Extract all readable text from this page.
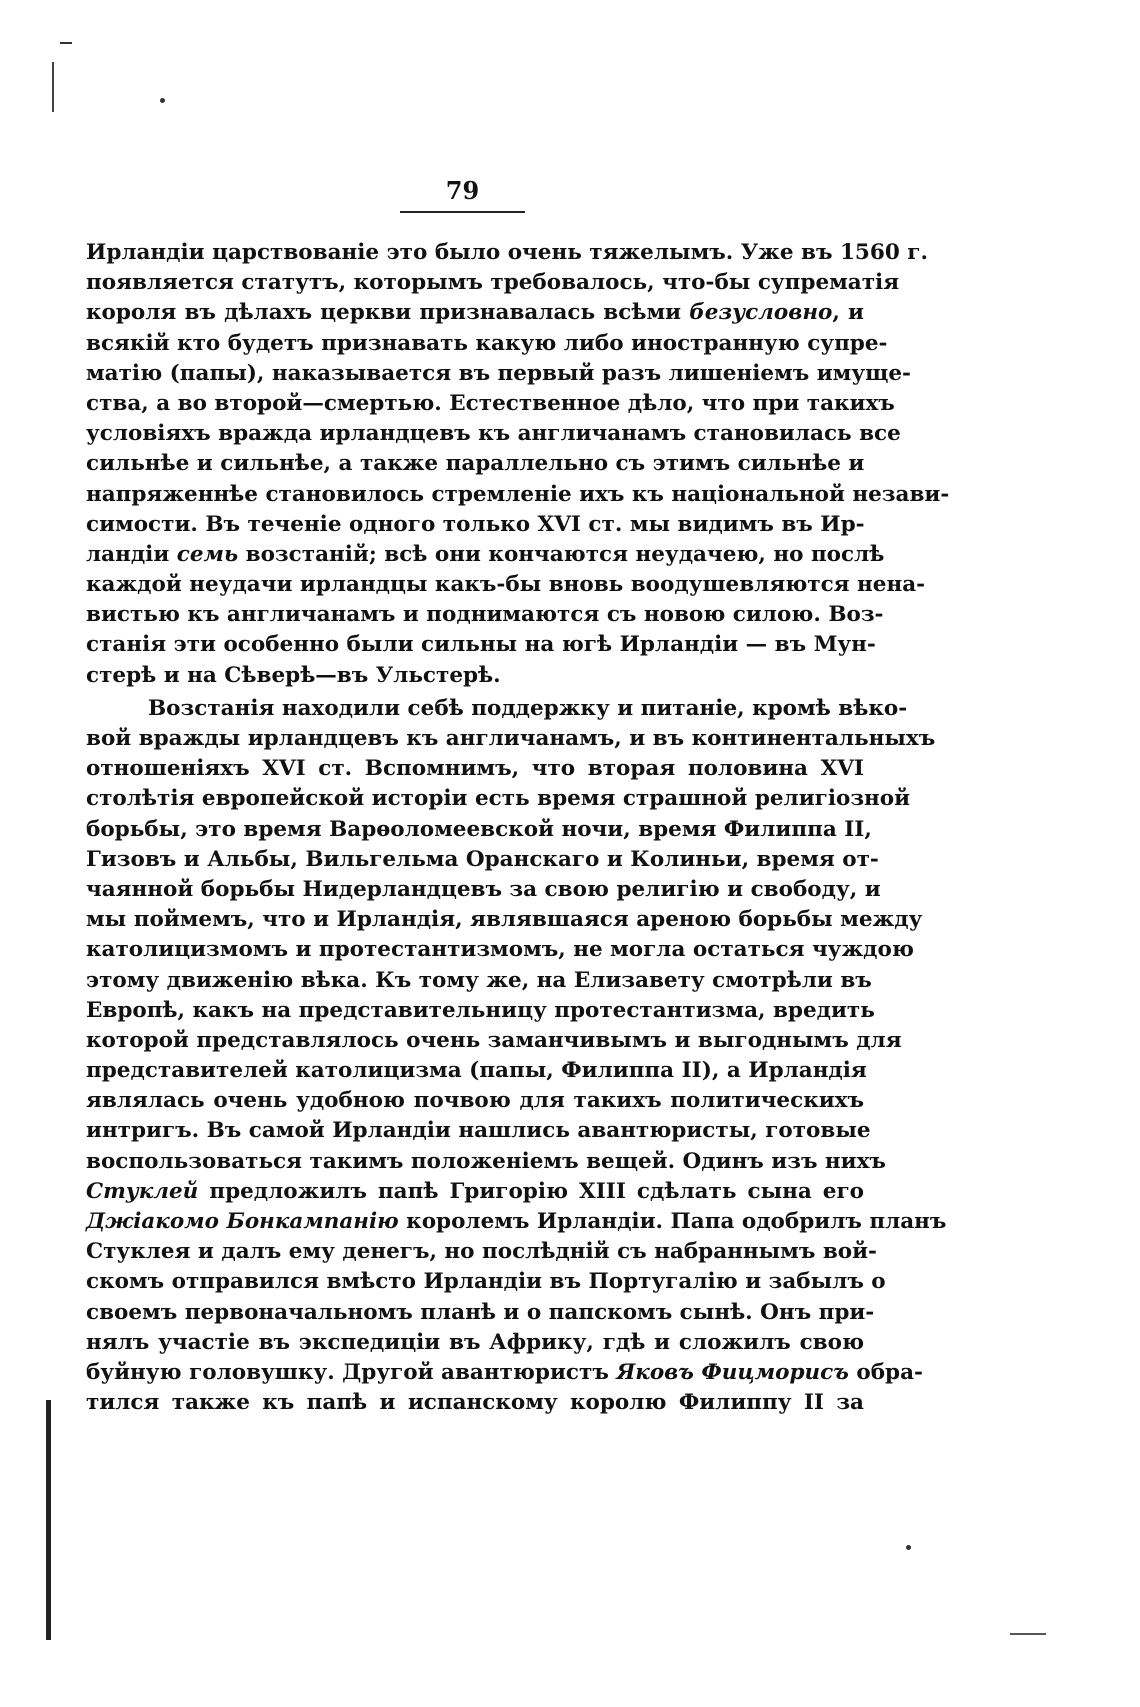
79
Ирландіи царствованіе это было очень тяжелымъ. Уже въ 1560 г.
появляется статутъ, которымъ требовалось, что-бы супрематія
короля въ дѣлахъ церкви признавалась всѣми безусловно, и
всякій кто будетъ признавать какую либо иностранную супре-
матію (папы), наказывается въ первый разъ лишеніемъ имуще-
ства, а во второй—смертью. Естественное дѣло, что при такихъ
условіяхъ вражда ирландцевъ къ англичанамъ становилась все
сильнѣе и сильнѣе, а также параллельно съ этимъ сильнѣе и
напряженнѣе становилось стремленіе ихъ къ національной незави-
симости. Въ теченіе одного только XVI ст. мы видимъ въ Ир-
ландіи семь возстаній; всѣ они кончаются неудачею, но послѣ
каждой неудачи ирландцы какъ-бы вновь воодушевляются нена-
вистью къ англичанамъ и поднимаются съ новою силою. Воз-
станія эти особенно были сильны на югѣ Ирландіи — въ Мун-
стерѣ и на Сѣверѣ—въ Ульстерѣ.
Возстанія находили себѣ поддержку и питаніе, кромѣ вѣко-
вой вражды ирландцевъ къ англичанамъ, и въ континентальныхъ
отношеніяхъ XVI ст. Вспомнимъ, что вторая половина XVI
столѣтія европейской исторіи есть время страшной религіозной
борьбы, это время Варѳоломеевской ночи, время Филиппа II,
Гизовъ и Альбы, Вильгельма Оранскаго и Колиньи, время от-
чаянной борьбы Нидерландцевъ за свою религію и свободу, и
мы поймемъ, что и Ирландія, являвшаяся ареною борьбы между
католицизмомъ и протестантизмомъ, не могла остаться чуждою
этому движенію вѣка. Къ тому же, на Елизавету смотрѣли въ
Европѣ, какъ на представительницу протестантизма, вредить
которой представлялось очень заманчивымъ и выгоднымъ для
представителей католицизма (папы, Филиппа II), а Ирландія
являлась очень удобною почвою для такихъ политическихъ
интригъ. Въ самой Ирландіи нашлись авантюристы, готовые
воспользоваться такимъ положеніемъ вещей. Одинъ изъ нихъ
Стуклей предложилъ папѣ Григорію XIII сдѣлать сына его
Джіакомо Бонкампанію королемъ Ирландіи. Папа одобрилъ планъ
Стуклея и далъ ему денегъ, но послѣдній съ набраннымъ вой-
скомъ отправился вмѣсто Ирландіи въ Португалію и забылъ о
своемъ первоначальномъ планѣ и о папскомъ сынѣ. Онъ при-
нялъ участіе въ экспедиціи въ Африку, гдѣ и сложилъ свою
буйную головушку. Другой авантюристъ Яковъ Фицморисъ обра-
тился также къ папѣ и испанскому королю Филиппу II за
